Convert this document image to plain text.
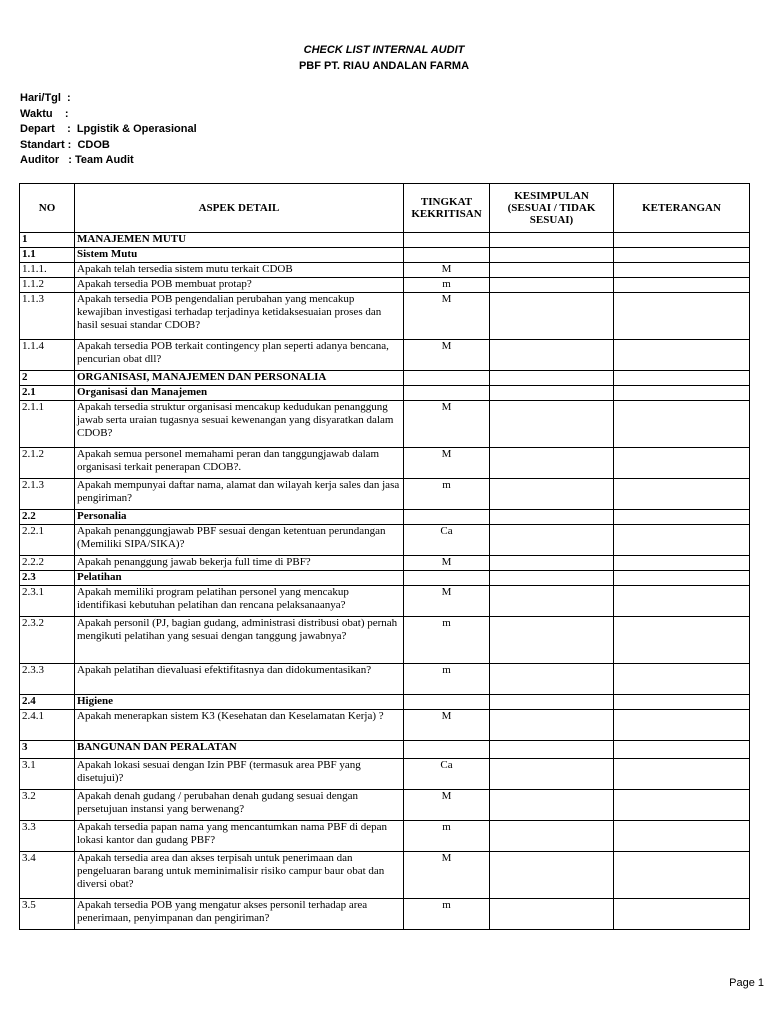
CHECK LIST INTERNAL AUDIT
PBF PT. RIAU ANDALAN FARMA
Hari/Tgl  :
Waktu    :
Depart    :  Lpgistik & Operasional
Standart :  CDOB
Auditor   : Team Audit
NO	ASPEK DETAIL	TINGKAT KEKRITISAN	KESIMPULAN (SESUAI / TIDAK SESUAI)	KETERANGAN
1	MANAJEMEN MUTU			
1.1	Sistem Mutu			
1.1.1.	Apakah telah tersedia sistem mutu terkait CDOB	M		
1.1.2	Apakah tersedia POB membuat protap?	m		
1.1.3	Apakah tersedia POB pengendalian perubahan yang mencakup kewajiban investigasi terhadap terjadinya ketidaksesuaian proses dan hasil sesuai standar CDOB?	M		
1.1.4	Apakah tersedia POB terkait contingency plan seperti adanya bencana, pencurian obat dll?	M		
2	ORGANISASI, MANAJEMEN DAN PERSONALIA			
2.1	Organisasi dan Manajemen			
2.1.1	Apakah tersedia struktur organisasi mencakup kedudukan penanggung jawab serta uraian tugasnya sesuai kewenangan yang disyaratkan dalam CDOB?	M		
2.1.2	Apakah semua personel memahami peran dan tanggungjawab dalam organisasi terkait penerapan CDOB?.	M		
2.1.3	Apakah mempunyai daftar nama, alamat dan wilayah kerja sales dan jasa pengiriman?	m		
2.2	Personalia			
2.2.1	Apakah penanggungjawab PBF sesuai dengan ketentuan perundangan (Memiliki SIPA/SIKA)?	Ca		
2.2.2	Apakah penanggung jawab bekerja full time di PBF?	M		
2.3	Pelatihan			
2.3.1	Apakah memiliki program pelatihan personel yang mencakup identifikasi kebutuhan pelatihan dan rencana pelaksanaanya?	M		
2.3.2	Apakah personil (PJ, bagian gudang, administrasi distribusi obat) pernah mengikuti pelatihan yang sesuai dengan tanggung jawabnya?	m		
2.3.3	Apakah pelatihan dievaluasi efektifitasnya dan didokumentasikan?	m		
2.4	Higiene			
2.4.1	Apakah menerapkan sistem K3 (Kesehatan dan Keselamatan Kerja) ?	M		
3	BANGUNAN DAN PERALATAN			
3.1	Apakah lokasi sesuai dengan Izin PBF (termasuk area PBF yang disetujui)?	Ca		
3.2	Apakah denah gudang / perubahan denah gudang sesuai dengan persetujuan instansi yang berwenang?	M		
3.3	Apakah tersedia papan nama yang mencantumkan nama PBF di depan lokasi kantor dan gudang PBF?	m		
3.4	Apakah tersedia area dan akses terpisah untuk penerimaan dan pengeluaran barang untuk meminimalisir risiko campur baur obat dan diversi obat?	M		
3.5	Apakah tersedia POB yang mengatur akses personil terhadap area penerimaan, penyimpanan dan pengiriman?	m		
Page 1
